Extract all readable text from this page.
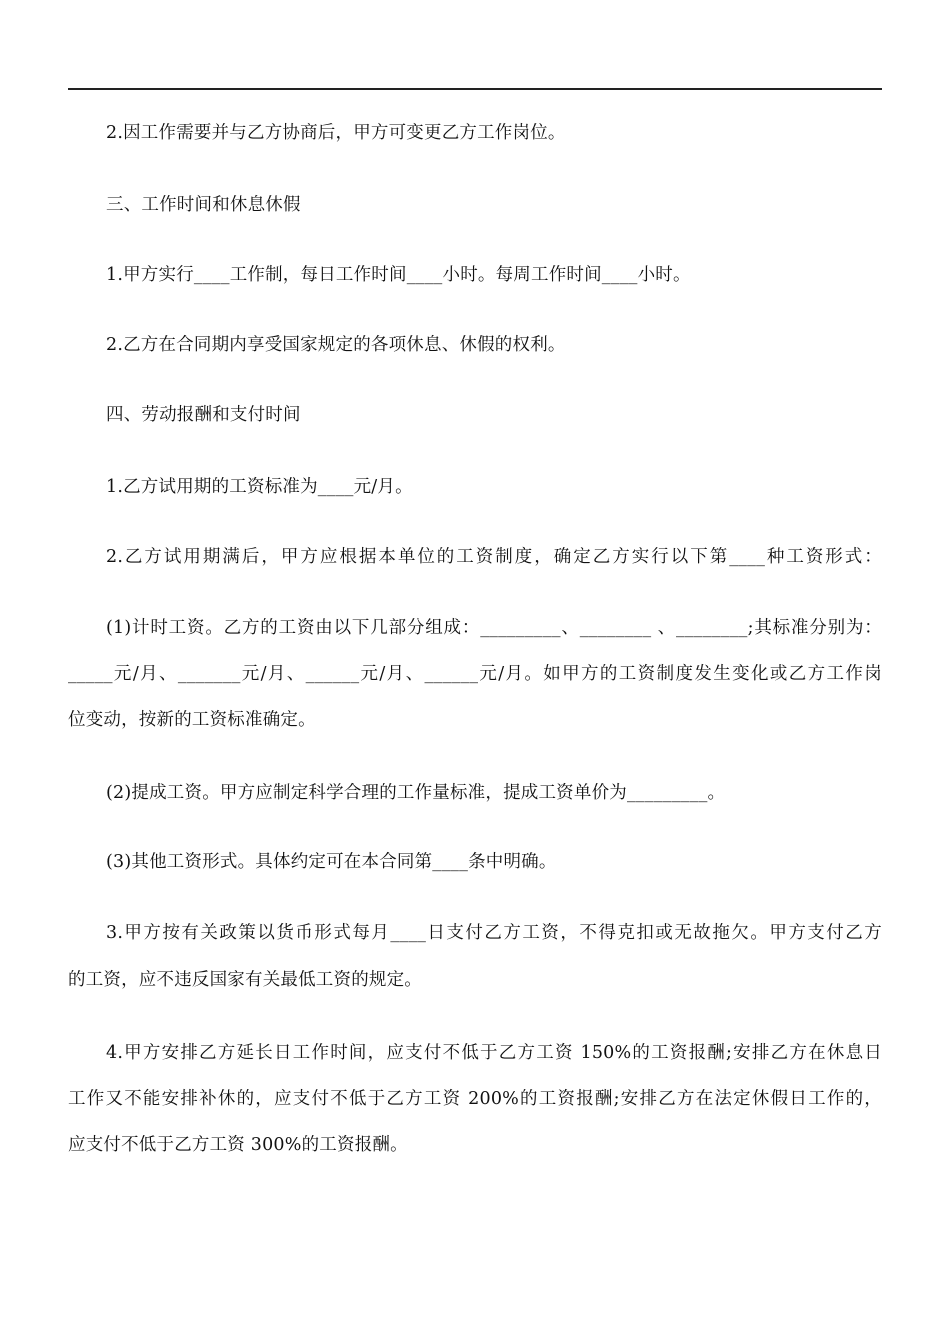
2.因工作需要并与乙方协商后，甲方可变更乙方工作岗位。
三、工作时间和休息休假
1.甲方实行____工作制，每日工作时间____小时。每周工作时间____小时。
2.乙方在合同期内享受国家规定的各项休息、休假的权利。
四、劳动报酬和支付时间
1.乙方试用期的工资标准为____元/月。
2.乙方试用期满后，甲方应根据本单位的工资制度，确定乙方实行以下第____种工资形式：
(1)计时工资。乙方的工资由以下几部分组成：_________、________ 、________;其标准分别为：
_____元/月、_______元/月、______元/月、______元/月。如甲方的工资制度发生变化或乙方工作岗
位变动，按新的工资标准确定。
(2)提成工资。甲方应制定科学合理的工作量标准，提成工资单价为_________。
(3)其他工资形式。具体约定可在本合同第____条中明确。
3.甲方按有关政策以货币形式每月____日支付乙方工资，不得克扣或无故拖欠。甲方支付乙方
的工资，应不违反国家有关最低工资的规定。
4.甲方安排乙方延长日工作时间，应支付不低于乙方工资 150%的工资报酬;安排乙方在休息日
工作又不能安排补休的，应支付不低于乙方工资 200%的工资报酬;安排乙方在法定休假日工作的，
应支付不低于乙方工资 300%的工资报酬。
